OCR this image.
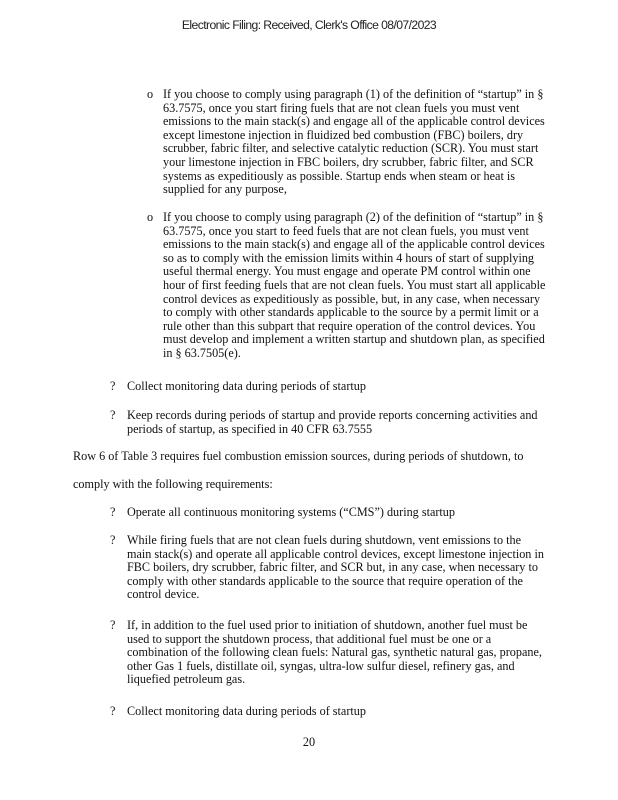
Electronic Filing: Received, Clerk's Office 08/07/2023
o If you choose to comply using paragraph (1) of the definition of “startup” in §
63.7575, once you start firing fuels that are not clean fuels you must vent
emissions to the main stack(s) and engage all of the applicable control devices
except limestone injection in fluidized bed combustion (FBC) boilers, dry
scrubber, fabric filter, and selective catalytic reduction (SCR). You must start
your limestone injection in FBC boilers, dry scrubber, fabric filter, and SCR
systems as expeditiously as possible. Startup ends when steam or heat is
supplied for any purpose,
o If you choose to comply using paragraph (2) of the definition of “startup” in §
63.7575, once you start to feed fuels that are not clean fuels, you must vent
emissions to the main stack(s) and engage all of the applicable control devices
so as to comply with the emission limits within 4 hours of start of supplying
useful thermal energy. You must engage and operate PM control within one
hour of first feeding fuels that are not clean fuels. You must start all applicable
control devices as expeditiously as possible, but, in any case, when necessary
to comply with other standards applicable to the source by a permit limit or a
rule other than this subpart that require operation of the control devices. You
must develop and implement a written startup and shutdown plan, as specified
in § 63.7505(e).
? Collect monitoring data during periods of startup
? Keep records during periods of startup and provide reports concerning activities and
periods of startup, as specified in 40 CFR 63.7555
Row 6 of Table 3 requires fuel combustion emission sources, during periods of shutdown, to
comply with the following requirements:
? Operate all continuous monitoring systems (“CMS”) during startup
? While firing fuels that are not clean fuels during shutdown, vent emissions to the
main stack(s) and operate all applicable control devices, except limestone injection in
FBC boilers, dry scrubber, fabric filter, and SCR but, in any case, when necessary to
comply with other standards applicable to the source that require operation of the
control device.
? If, in addition to the fuel used prior to initiation of shutdown, another fuel must be
used to support the shutdown process, that additional fuel must be one or a
combination of the following clean fuels: Natural gas, synthetic natural gas, propane,
other Gas 1 fuels, distillate oil, syngas, ultra-low sulfur diesel, refinery gas, and
liquefied petroleum gas.
? Collect monitoring data during periods of startup
20
